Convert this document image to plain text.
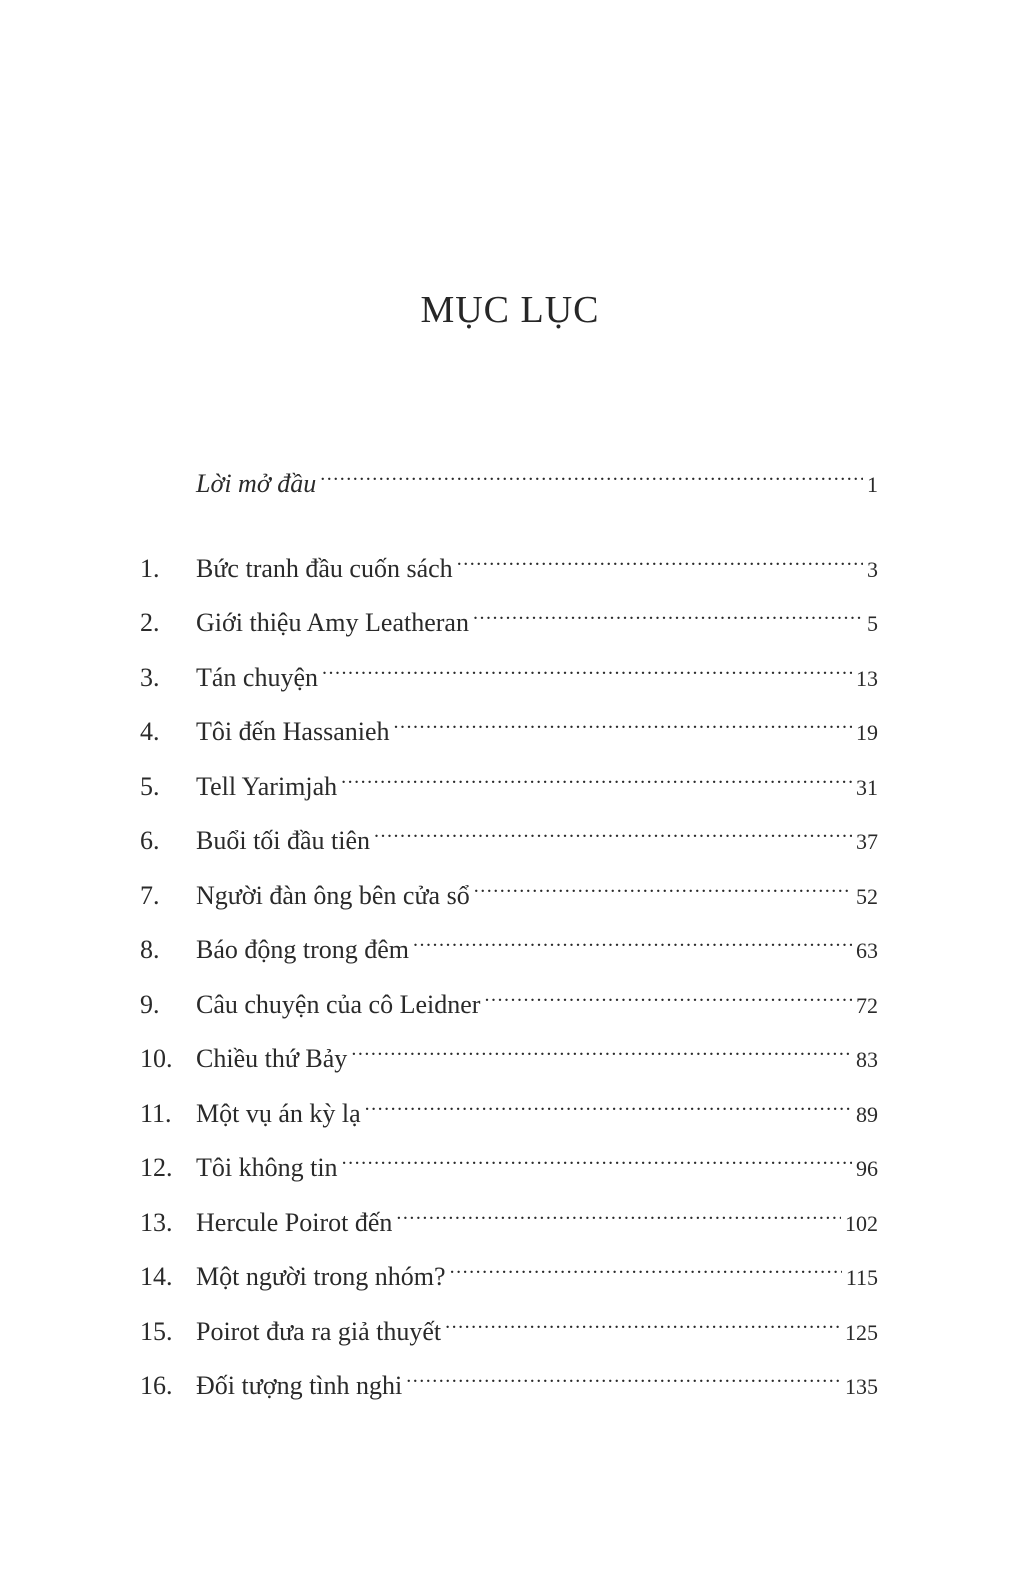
MỤC LỤC
Lời mở đầu .....	1
1.	Bức tranh đầu cuốn sách .....	3
2.	Giới thiệu Amy Leatheran .....	5
3.	Tán chuyện .....	13
4.	Tôi đến Hassanieh .....	19
5.	Tell Yarimjah .....	31
6.	Buổi tối đầu tiên .....	37
7.	Người đàn ông bên cửa sổ .....	52
8.	Báo động trong đêm .....	63
9.	Câu chuyện của cô Leidner .....	72
10. Chiều thứ Bảy .....	83
11. Một vụ án kỳ lạ .....	89
12. Tôi không tin .....	96
13. Hercule Poirot đến .....	102
14. Một người trong nhóm? .....	115
15. Poirot đưa ra giả thuyết .....	125
16. Đối tượng tình nghi .....	135
